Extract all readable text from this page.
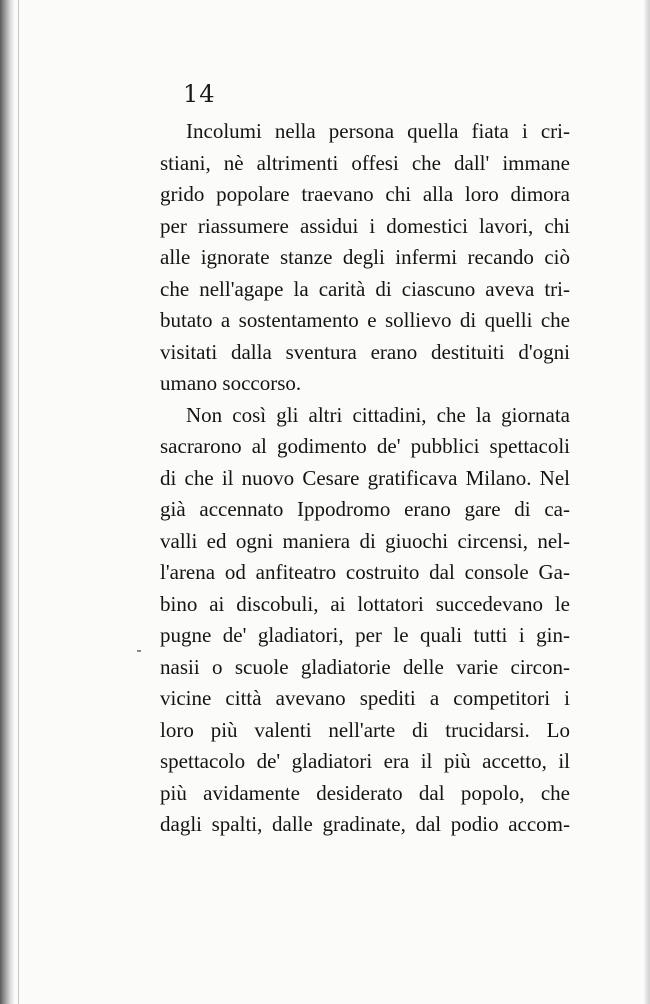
14
Incolumi nella persona quella fiata i cri-
stiani, nè altrimenti offesi che dall' immane
grido popolare traevano chi alla loro dimora
per riassumere assidui i domestici lavori, chi
alle ignorate stanze degli infermi recando ciò
che nell'agape la carità di ciascuno aveva tri-
butato a sostentamento e sollievo di quelli che
visitati dalla sventura erano destituiti d'ogni
umano soccorso.
Non così gli altri cittadini, che la giornata
sacrarono al godimento de' pubblici spettacoli
di che il nuovo Cesare gratificava Milano. Nel
già accennato Ippodromo erano gare di ca-
valli ed ogni maniera di giuochi circensi, nel-
l'arena od anfiteatro costruito dal console Ga-
bino ai discobuli, ai lottatori succedevano le
pugne de' gladiatori, per le quali tutti i gin-
nasii o scuole gladiatorie delle varie circon-
vicine città avevano spediti a competitori i
loro più valenti nell'arte di trucidarsi. Lo
spettacolo de' gladiatori era il più accetto, il
più avidamente desiderato dal popolo, che
dagli spalti, dalle gradinate, dal podio accom-
